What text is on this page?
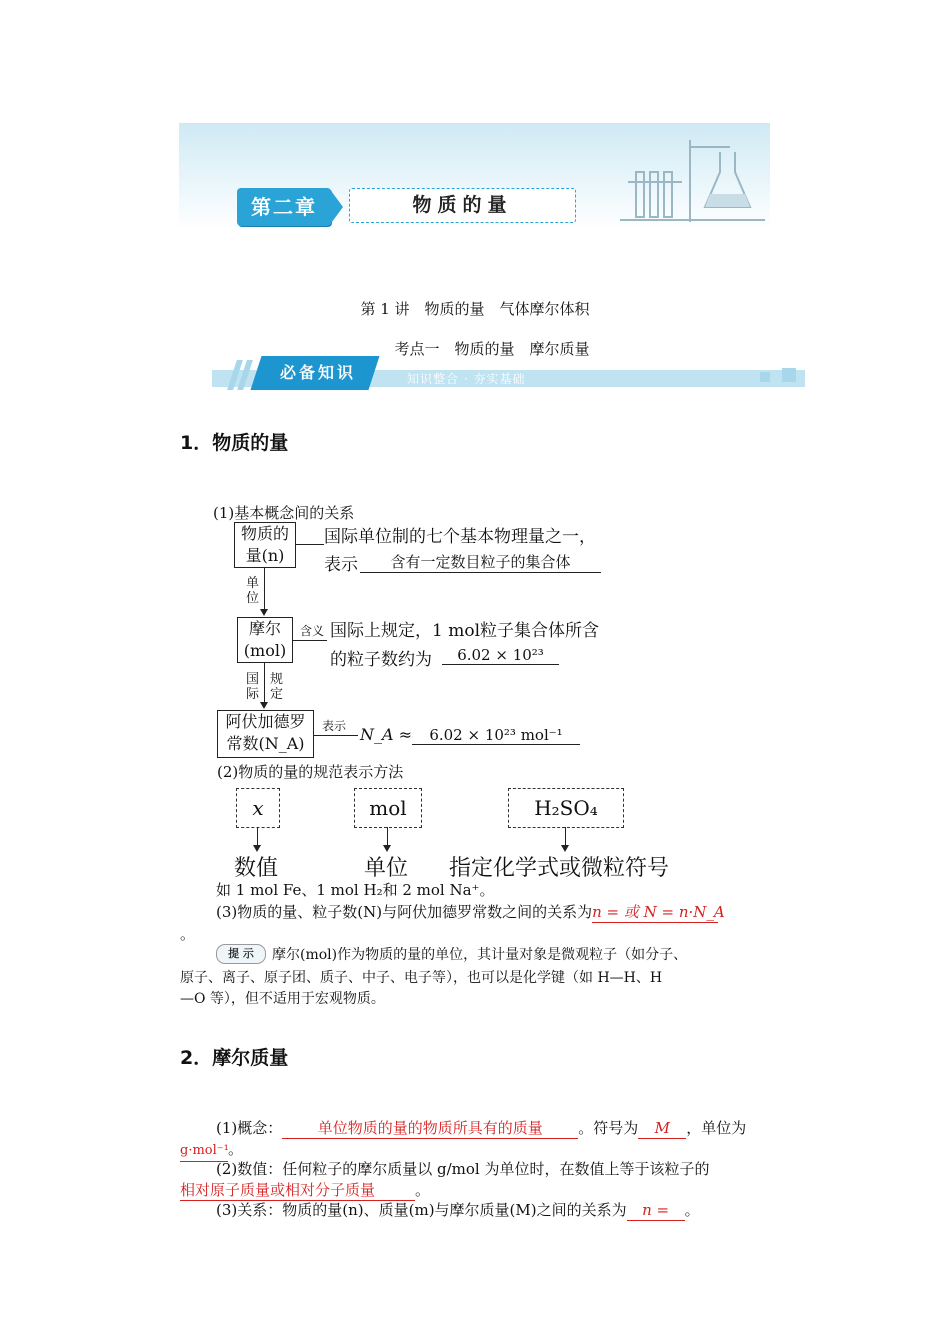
第二章	物质的量
第 1 讲　物质的量　气体摩尔体积
考点一　物质的量　摩尔质量
必备知识	知识整合 · 夯实基础
1．物质的量
(1)基本概念间的关系
物质的
量(n)
国际单位制的七个基本物理量之一，
表示	含有一定数目粒子的集合体
单
位
摩尔
(mol)
含义 国际上规定，1 mol粒子集合体所含
的粒子数约为	6.02 × 10²³
国
际
规
定
阿伏加德罗
常数(N_A)
表示 N_A ≈	6.02 × 10²³ mol⁻¹
(2)物质的量的规范表示方法
x	mol	H₂SO₄
数值	单位 指定化学式或微粒符号
如 1 mol Fe、1 mol H₂和 2 mol Na⁺。
(3)物质的量、粒子数(N)与阿伏加德罗常数之间的关系为n = 或 N = n·N_A
。
提 示	摩尔(mol)作为物质的量的单位，其计量对象是微观粒子（如分子、
原子、离子、原子团、质子、中子、电子等），也可以是化学键（如 H—H、H
—O 等），但不适用于宏观物质。
2．摩尔质量
(1)概念： 单位物质的量的物质所具有的质量 。符号为 M ，单位为
g·mol⁻¹。
(2)数值：任何粒子的摩尔质量以 g/mol 为单位时，在数值上等于该粒子的
相对原子质量或相对分子质量	。
(3)关系：物质的量(n)、质量(m)与摩尔质量(M)之间的关系为 n = 。
